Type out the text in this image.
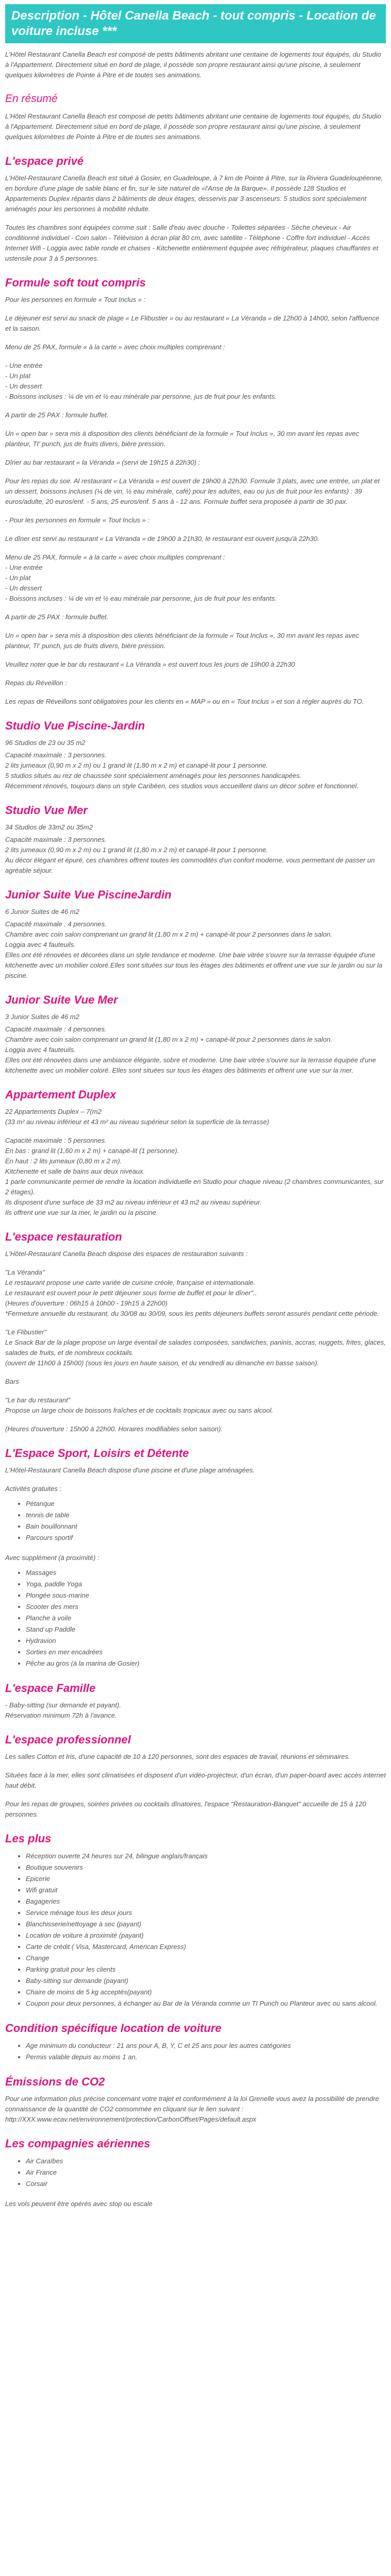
Description - Hôtel Canella Beach - tout compris - Location de voiture incluse ***

L'Hôtel Restaurant Canella Beach est composé de petits bâtiments abritant une centaine de logements tout équipés, du Studio à l'Appartement. Directement situé en bord de plage, il possède son propre restaurant ainsi qu'une piscine, à seulement quelques kilomètres de Pointe à Pitre et de toutes ses animations.

En résumé

L'Hôtel Restaurant Canella Beach est composé de petits bâtiments abritant une centaine de logements tout équipés, du Studio à l'Appartement. Directement situé en bord de plage, il possède son propre restaurant ainsi qu'une piscine, à seulement quelques kilomètres de Pointe à Pitre et de toutes ses animations.

L'espace privé

L'Hôtel-Restaurant Canella Beach est situé à Gosier, en Guadeloupe, à 7 km de Pointe à Pitre, sur la Riviera Guadeloupéenne, en bordure d'une plage de sable blanc et fin, sur le site naturel de «l'Anse de la Barque». Il possède 128 Studios et Appartements Duplex répartis dans 2 bâtiments de deux étages, desservis par 3 ascenseurs. 5 studios sont spécialement aménagés pour les personnes à mobilité réduite.

Toutes les chambres sont équipées comme suit : Salle d'eau avec douche - Toilettes séparées - Sèche cheveux - Air conditionné individuel - Coin salon - Télévision à écran plat 80 cm, avec satellite - Téléphone - Coffre fort individuel - Accès Internet Wifi - Loggia avec table ronde et chaises - Kitchenette entièrement équipée avec réfrigérateur, plaques chauffantes et ustensile pour 3 à 5 personnes.

Formule soft tout compris

Pour les personnes en formule « Tout Inclus » :

Le déjeuner est servi au snack de plage « Le Flibustier » ou au restaurant « La Véranda » de 12h00 à 14h00, selon l'affluence et la saison.

Menu de 25 PAX, formule « à la carte » avec choix multiples comprenant :

- Une entrée
- Un plat
- Un dessert
- Boissons incluses : ¼ de vin et ½ eau minérale par personne, jus de fruit pour les enfants.

A partir de 25 PAX : formule buffet.

Un « open bar » sera mis à disposition des clients bénéficiant de la formule « Tout Inclus », 30 mn avant les repas avec planteur, TI' punch, jus de fruits divers, bière pression.

Dîner au bar restaurant « la Véranda » (servi de 19h15 à 22h30) :

Pour les repas du soir. Al restaurant « La Véranda » est ouvert de 19h00 à 22h30. Formule 3 plats, avec une entrée, un plat et un dessert, boissons incluses (¼ de vin, ½ eau minérale, café) pour les adultes, eau ou jus de fruit pour les enfants) : 39 euros/adulte, 20 euros/enf. - 5 ans, 25 euros/enf. 5 ans à - 12 ans. Formule buffet sera proposée à partir de 30 pax.

- Pour les personnes en formule « Tout Inclus » :

Le dîner est servi au restaurant « La Véranda » de 19h00 à 21h30, le restaurant est ouvert jusqu'à 22h30.

Menu de 25 PAX, formule « à la carte » avec choix multiples comprenant :
- Une entrée
- Un plat
- Un dessert
- Boissons incluses : ¼ de vin et ½ eau minérale par personne, jus de fruit pour les enfants.

A partir de 25 PAX : formule buffet.

Un « open bar » sera mis à disposition des clients bénéficiant de la formule « Tout Inclus », 30 mn avant les repas avec planteur, TI' punch, jus de fruits divers, bière pression.

Veuillez noter que le bar du restaurant « La Véranda » est ouvert tous les jours de 19h00 à 22h30

Repas du Réveillon :

Les repas de Réveillons sont obligatoires pour les clients en « MAP » ou en « Tout Inclus » et son à régler auprès du TO.

Studio Vue Piscine-Jardin

96 Studios de 23 ou 35 m2

Capacité maximale : 3 personnes.
2 lits jumeaux (0,90 m x 2 m) ou 1 grand lit (1,80 m x 2 m) et canapé-lit pour 1 personne.
5 studios situés au rez de chaussée sont spécialement aménagés pour les personnes handicapées.
Récemment rénovés, toujours dans un style Caribéen, ces studios vous accueillent dans un décor sobre et fonctionnel.

Studio Vue Mer

34 Studios de 33m2 ou 35m2

Capacité maximale : 3 personnes.
2 lits jumeaux (0,90 m x 2 m) ou 1 grand lit (1,80 m x 2 m) et canapé-lit pour 1 personne.
Au décor élégant et épuré, ces chambres offrent toutes les commodités d'un confort moderne, vous permettant de passer un agréable séjour.

Junior Suite Vue PiscineJardin

6 Junior Suites de 46 m2

Capacité maximale : 4 personnes.
Chambre avec coin salon comprenant un grand lit (1,80 m x 2 m) + canapé-lit pour 2 personnes dans le salon.
Loggia avec 4 fauteuils.
Elles ont été rénovées et décorées dans un style tendance et moderne. Une baie vitrée s'ouvre sur la terrasse équipée d'une kitchenette avec un mobilier coloré.Elles sont situées sur tous les étages des bâtiments et offrent une vue sur le jardin ou sur la piscine.

Junior Suite Vue Mer

3 Junior Suites de 46 m2

Capacité maximale : 4 personnes.
Chambre avec coin salon comprenant un grand lit (1,80 m x 2 m) + canapé-lit pour 2 personnes dans le salon.
Loggia avec 4 fauteuils.
Elles ont été rénovées dans une ambiance élégante, sobre et moderne. Une baie vitrée s'ouvre sur la terrasse équipée d'une kitchenette avec un mobilier coloré. Elles sont situées sur tous les étages des bâtiments et offrent une vue sur la mer.

Appartement Duplex

22 Appartements Duplex – 7(m2
(33 m² au niveau inférieur et 43 m² au niveau supérieur selon la superficie de la terrasse)

Capacité maximale : 5 personnes.
En bas : grand lit (1,60 m x 2 m) + canapé-lit (1 personne).
En haut : 2 lits jumeaux (0,80 m x 2 m).
Kitchenette et salle de bains aux deux niveaux.
1 parle communicante permet de rendre la location individuelle en Studio pour chaque niveau (2 chambres communicantes, sur 2 étages).
Ils disposent d'une surface de 33 m2 au niveau inférieur et 43 m2 au niveau supérieur.
Ils offrent une vue sur la mer, le jardin ou la piscine.

L'espace restauration

L'Hôtel-Restaurant Canella Beach dispose des espaces de restauration suivants :

"La Véranda"
Le restaurant propose une carte variée de cuisine créole, française et internationale.
Le restaurant est ouvert pour le petit déjeuner sous forme de buffet et pour le dîner"..
(Heures d'ouverture : 06h15 à 10h00 - 19h15 à 22h00)
*Fermeture annuelle du restaurant, du 30/08 au 30/09, sous les petits déjeuners buffets seront assurés pendant cette période.

"Le Flibustier"
Le Snack Bar de la plage propose un large éventail de salades composées, sandwiches, paninis, accras, nuggets, frites, glaces, salades de fruits, et de nombreux cocktails.
(ouvert de 11h00 à 15h00) (sous les jours en haute saison, et du vendredi au dimanche en basse saison).

Bars

"Le bar du restaurant"
Propose un large choix de boissons fraîches et de cocktails tropicaux avec ou sans alcool.

(Heures d'ouverture : 15h00 à 22h00. Horaires modifiables selon saison).

L'Espace Sport, Loisirs et Détente

L'Hôtel-Restaurant Canella Beach dispose d'une piscine et d'une plage aménagées.

Activités gratuites :

• Pétanque
• tennis de table
• Bain bouillonnant
• Parcours sportif

Avec supplément (à proximité) :

• Massages
• Yoga, paddle Yoga
• Plongée sous-marine
• Scooter des mers
• Planche à voile
• Stand up Paddle
• Hydravion
• Sorties en mer encadrées
• Pêche au gros (à la marina de Gosier)
L'espace Famille

- Baby-sitting (sur demande et payant).
Réservation minimum 72h à l'avance.

L'espace professionnel

Les salles Cotton et Iris, d'une capacité de 10 à 120 personnes, sont des espaces de travail, réunions et séminaires.

Situées face à la mer, elles sont climatisées et disposent d'un vidéo-projecteur, d'un écran, d'un paper-board avec accès internet haut débit.

Pour les repas de groupes, soirées privées ou cocktails dînatoires, l'espace "Restauration-Banquet" accueille de 15 à 120 personnes.

Les plus
• Réception ouverte 24 heures sur 24, bilingue anglais/français
• Boutique souvenirs
• Epicerie
• Wifi gratuit
• Bagageries
• Service ménage tous les deux jours
• Blanchisserie/nettoyage à sec (payant)
• Location de voiture à proximité (payant)
• Carte de crédit ( Visa, Mastercard, American Express)
• Change
• Parking gratuit pour les clients
• Baby-sitting sur demande (payant)
• Chaire de moins de 5 kg acceptés(payant)
• Coupon pour deux personnes, à échanger au Bar de la Véranda comme un TI Punch ou Planteur avec ou sans alcool.
Condition spécifique location de voiture
• Age minimum du conducteur : 21 ans pour A, B, Y, C et 25 ans pour les autres catégories
• Permis valable depuis au moins 1 an.
Émissions de CO2

Pour une information plus précise concernant votre trajet et conformément à la loi Grenelle vous avez la possibilité de prendre connaissance de la quantité de CO2 consommée en cliquant sur le lien suivant :
http://XXX.www.ecav.net/environnement/protection/CarbonOffset/Pages/default.aspx

Les compagnies aériennes
• Air Caraïbes
• Air France
• Corsair

Les vols peuvent être opérés avec stop ou escale
